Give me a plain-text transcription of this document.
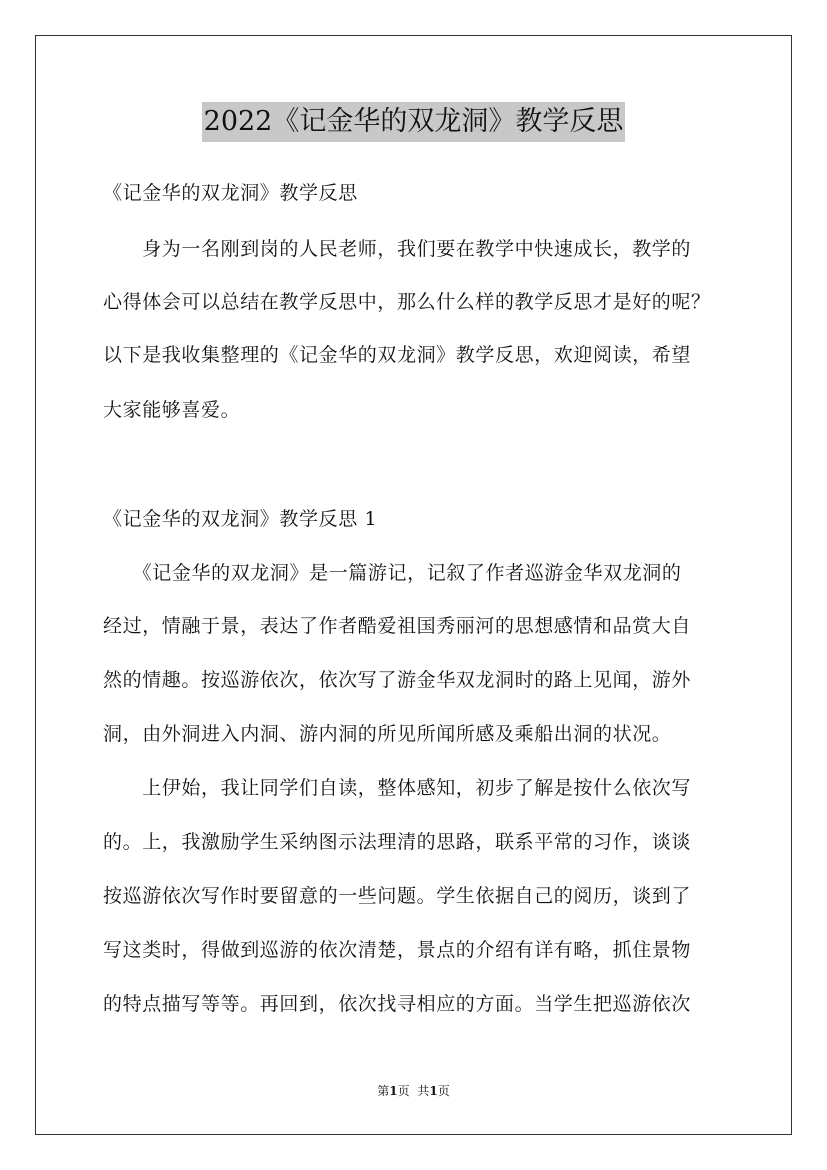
2022《记金华的双龙洞》教学反思
《记金华的双龙洞》教学反思
　　身为一名刚到岗的人民老师，我们要在教学中快速成长，教学的
心得体会可以总结在教学反思中，那么什么样的教学反思才是好的呢？
以下是我收集整理的《记金华的双龙洞》教学反思，欢迎阅读，希望
大家能够喜爱。
《记金华的双龙洞》教学反思 1
　　《记金华的双龙洞》是一篇游记，记叙了作者巡游金华双龙洞的
经过，情融于景，表达了作者酷爱祖国秀丽河的思想感情和品赏大自
然的情趣。按巡游依次，依次写了游金华双龙洞时的路上见闻，游外
洞，由外洞进入内洞、游内洞的所见所闻所感及乘船出洞的状况。
　　上伊始，我让同学们自读，整体感知，初步了解是按什么依次写
的。上，我激励学生采纳图示法理清的思路，联系平常的习作，谈谈
按巡游依次写作时要留意的一些问题。学生依据自己的阅历，谈到了
写这类时，得做到巡游的依次清楚，景点的介绍有详有略，抓住景物
的特点描写等等。再回到，依次找寻相应的方面。当学生把巡游依次
第1页 共1页
